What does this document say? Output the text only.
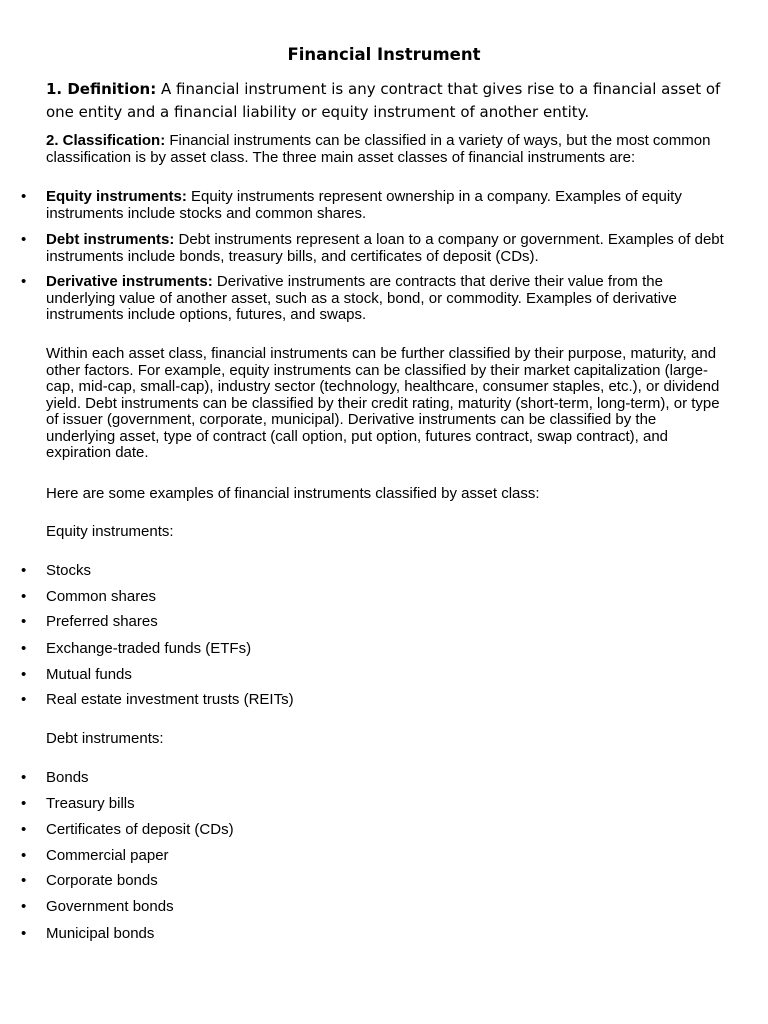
Financial Instrument
1. Definition: A financial instrument is any contract that gives rise to a financial asset of one entity and a financial liability or equity instrument of another entity.
2. Classification: Financial instruments can be classified in a variety of ways, but the most common classification is by asset class. The three main asset classes of financial instruments are:
•	Equity instruments: Equity instruments represent ownership in a company. Examples of equity instruments include stocks and common shares.
•	Debt instruments: Debt instruments represent a loan to a company or government. Examples of debt instruments include bonds, treasury bills, and certificates of deposit (CDs).
•	Derivative instruments: Derivative instruments are contracts that derive their value from the underlying value of another asset, such as a stock, bond, or commodity. Examples of derivative instruments include options, futures, and swaps.
Within each asset class, financial instruments can be further classified by their purpose, maturity, and other factors. For example, equity instruments can be classified by their market capitalization (large-cap, mid-cap, small-cap), industry sector (technology, healthcare, consumer staples, etc.), or dividend yield. Debt instruments can be classified by their credit rating, maturity (short-term, long-term), or type of issuer (government, corporate, municipal). Derivative instruments can be classified by the underlying asset, type of contract (call option, put option, futures contract, swap contract), and expiration date.
Here are some examples of financial instruments classified by asset class:
Equity instruments:
•	Stocks
•	Common shares
•	Preferred shares
•	Exchange-traded funds (ETFs)
•	Mutual funds
•	Real estate investment trusts (REITs)
Debt instruments:
•	Bonds
•	Treasury bills
•	Certificates of deposit (CDs)
•	Commercial paper
•	Corporate bonds
•	Government bonds
•	Municipal bonds
